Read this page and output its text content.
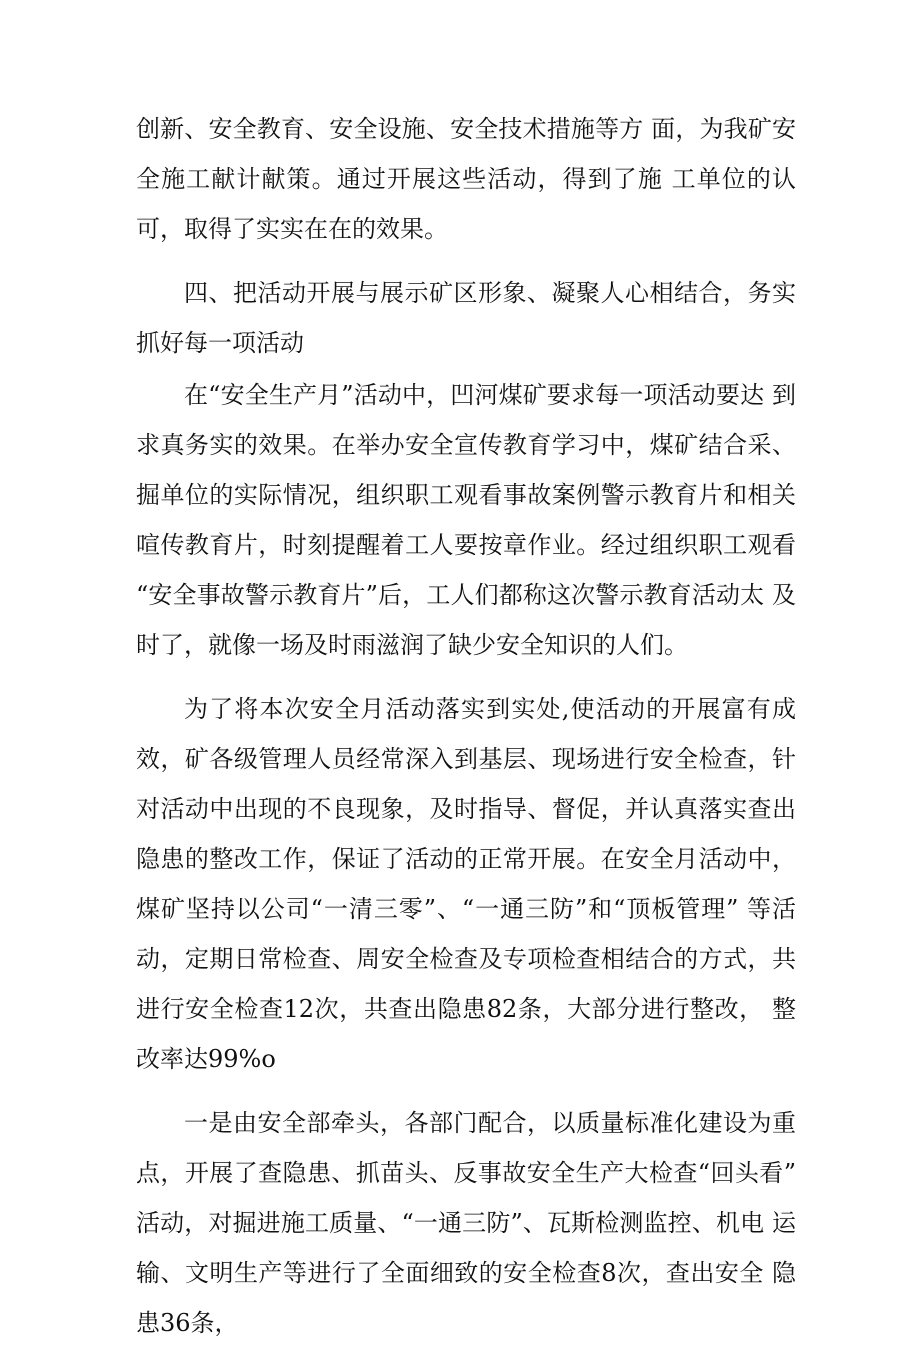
创新、安全教育、安全设施、安全技术措施等方 面，为我矿安全施工献计献策。通过开展这些活动，得到了施 工单位的认可，取得了实实在在的效果。

四、把活动开展与展示矿区形象、凝聚人心相结合，务实 抓好每一项活动

在“安全生产月”活动中，凹河煤矿要求每一项活动要达 到求真务实的效果。在举办安全宣传教育学习中，煤矿结合采、 掘单位的实际情况，组织职工观看事故案例警示教育片和相关 喧传教育片，时刻提醒着工人要按章作业。经过组织职工观看 “安全事故警示教育片”后，工人们都称这次警示教育活动太 及时了，就像一场及时雨滋润了缺少安全知识的人们。

为了将本次安全月活动落实到实处,使活动的开展富有成 效，矿各级管理人员经常深入到基层、现场进行安全检查，针 对活动中出现的不良现象，及时指导、督促，并认真落实查出 隐患的整改工作，保证了活动的正常开展。在安全月活动中， 煤矿坚持以公司“一清三零”、“一通三防”和“顶板管理” 等活动，定期日常检查、周安全检查及专项检查相结合的方式，共进行安全检查12次，共查出隐患82条，大部分进行整改， 整改率达99%o

一是由安全部牵头，各部门配合，以质量标准化建设为重 点，开展了查隐患、抓苗头、反事故安全生产大检查“回头看” 活动，对掘进施工质量、“一通三防”、瓦斯检测监控、机电 运输、文明生产等进行了全面细致的安全检查8次，查出安全 隐患36条，
